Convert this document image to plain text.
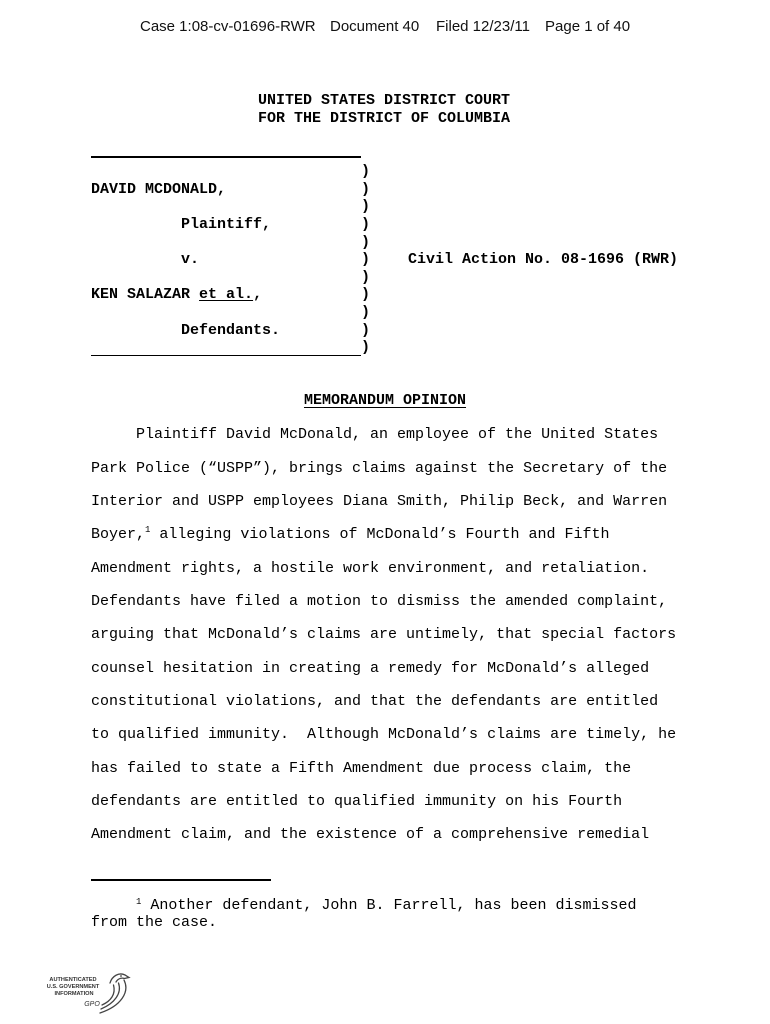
Case 1:08-cv-01696-RWR Document 40 Filed 12/23/11 Page 1 of 40
UNITED STATES DISTRICT COURT
FOR THE DISTRICT OF COLUMBIA
)
)
)
)
)
)
)
)
)
)
)
DAVID MCDONALD,
Plaintiff,
v.	Civil Action No. 08-1696 (RWR)
KEN SALAZAR et al.,
Defendants.
MEMORANDUM OPINION
Plaintiff David McDonald, an employee of the United States
Park Police (“USPP”), brings claims against the Secretary of the
Interior and USPP employees Diana Smith, Philip Beck, and Warren
Boyer,$^1$ alleging violations of McDonald’s Fourth and Fifth
Amendment rights, a hostile work environment, and retaliation.
Defendants have filed a motion to dismiss the amended complaint,
arguing that McDonald’s claims are untimely, that special factors
counsel hesitation in creating a remedy for McDonald’s alleged
constitutional violations, and that the defendants are entitled
to qualified immunity.  Although McDonald’s claims are timely, he
has failed to state a Fifth Amendment due process claim, the
defendants are entitled to qualified immunity on his Fourth
Amendment claim, and the existence of a comprehensive remedial
$^1$ Another defendant, John B. Farrell, has been dismissed
from the case.
AUTHENTICATED
U.S. GOVERNMENT
INFORMATION
GPO
